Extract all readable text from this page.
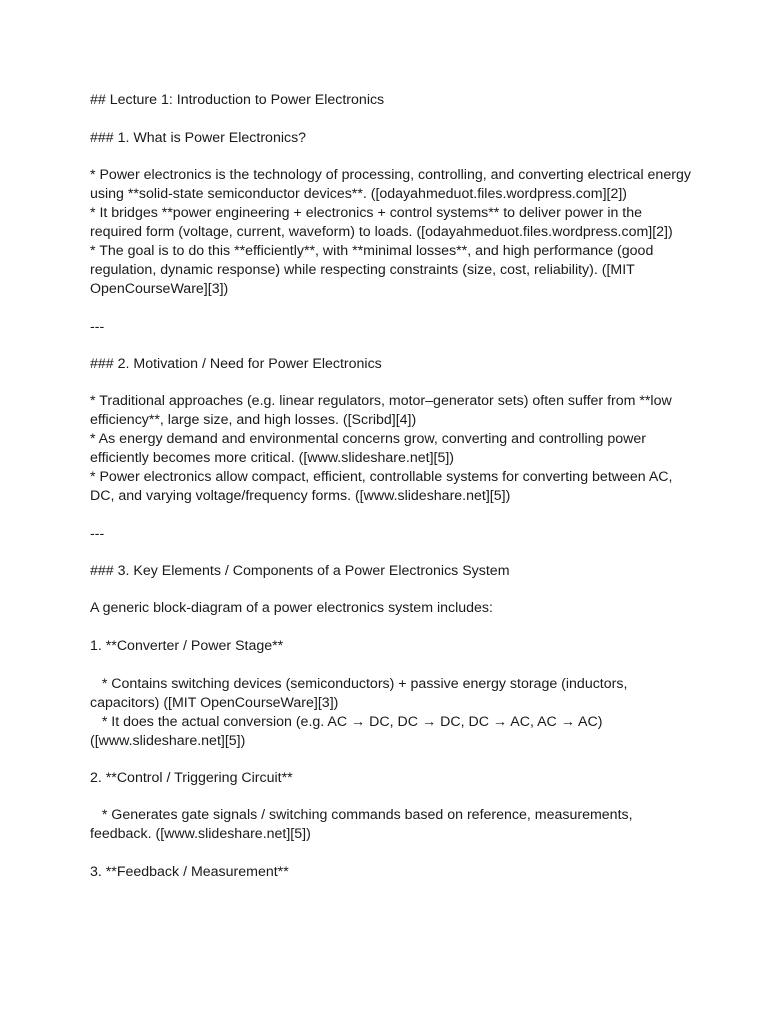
## Lecture 1: Introduction to Power Electronics

### 1. What is Power Electronics?

* Power electronics is the technology of processing, controlling, and converting electrical energy

using **solid-state semiconductor devices**. ([odayahmeduot.files.wordpress.com][2])

* It bridges **power engineering + electronics + control systems** to deliver power in the

required form (voltage, current, waveform) to loads. ([odayahmeduot.files.wordpress.com][2])

* The goal is to do this **efficiently**, with **minimal losses**, and high performance (good

regulation, dynamic response) while respecting constraints (size, cost, reliability). ([MIT

OpenCourseWare][3])

---

### 2. Motivation / Need for Power Electronics

* Traditional approaches (e.g. linear regulators, motor–generator sets) often suffer from **low

efficiency**, large size, and high losses. ([Scribd][4])

* As energy demand and environmental concerns grow, converting and controlling power

efficiently becomes more critical. ([www.slideshare.net][5])

* Power electronics allow compact, efficient, controllable systems for converting between AC,

DC, and varying voltage/frequency forms. ([www.slideshare.net][5])

---

### 3. Key Elements / Components of a Power Electronics System

A generic block‑diagram of a power electronics system includes:

1. **Converter / Power Stage**

* Contains switching devices (semiconductors) + passive energy storage (inductors,

capacitors) ([MIT OpenCourseWare][3])

* It does the actual conversion (e.g. AC → DC, DC → DC, DC → AC, AC → AC)

([www.slideshare.net][5])

2. **Control / Triggering Circuit**

* Generates gate signals / switching commands based on reference, measurements,

feedback. ([www.slideshare.net][5])

3. **Feedback / Measurement**
